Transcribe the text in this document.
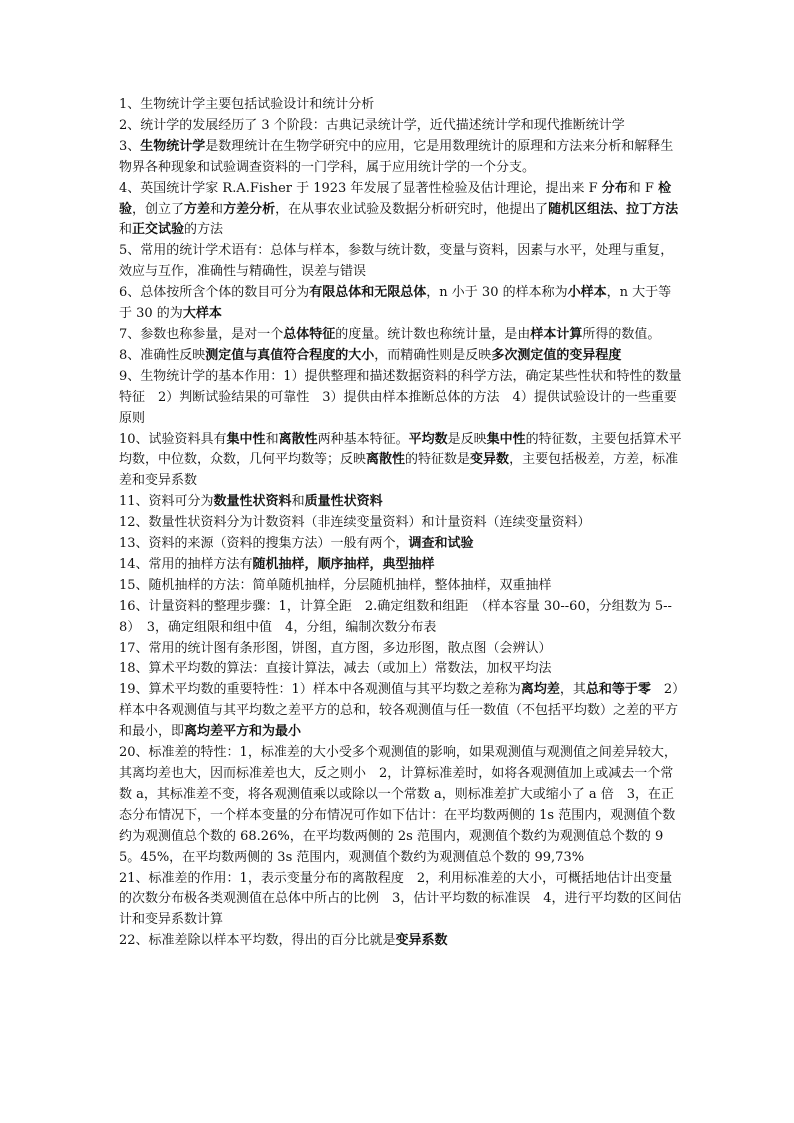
1、生物统计学主要包括试验设计和统计分析

2、统计学的发展经历了 3 个阶段：古典记录统计学，近代描述统计学和现代推断统计学

3、生物统计学是数理统计在生物学研究中的应用，它是用数理统计的原理和方法来分析和解释生物界各种现象和试验调查资料的一门学科，属于应用统计学的一个分支。

4、英国统计学家 R.A.Fisher 于 1923 年发展了显著性检验及估计理论，提出来 F 分布和 F 检验，创立了方差和方差分析，在从事农业试验及数据分析研究时，他提出了随机区组法、拉丁方法和正交试验的方法

5、常用的统计学术语有：总体与样本，参数与统计数，变量与资料，因素与水平，处理与重复，效应与互作，准确性与精确性，误差与错误

6、总体按所含个体的数目可分为有限总体和无限总体，n 小于 30 的样本称为小样本，n 大于等于 30 的为大样本

7、参数也称参量，是对一个总体特征的度量。统计数也称统计量，是由样本计算所得的数值。

8、准确性反映测定值与真值符合程度的大小，而精确性则是反映多次测定值的变异程度

9、生物统计学的基本作用：1）提供整理和描述数据资料的科学方法，确定某些性状和特性的数量特征　2）判断试验结果的可靠性　3）提供由样本推断总体的方法　4）提供试验设计的一些重要原则

10、试验资料具有集中性和离散性两种基本特征。平均数是反映集中性的特征数，主要包括算术平均数，中位数，众数，几何平均数等；反映离散性的特征数是变异数，主要包括极差，方差，标准差和变异系数

11、资料可分为数量性状资料和质量性状资料

12、数量性状资料分为计数资料（非连续变量资料）和计量资料（连续变量资料）

13、资料的来源（资料的搜集方法）一般有两个，调查和试验

14、常用的抽样方法有随机抽样，顺序抽样，典型抽样

15、随机抽样的方法：简单随机抽样，分层随机抽样，整体抽样，双重抽样

16、计量资料的整理步骤：1，计算全距　2.确定组数和组距　（样本容量 30--60，分组数为 5--8）　3，确定组限和组中值　4，分组，编制次数分布表

17、常用的统计图有条形图，饼图，直方图，多边形图，散点图（会辨认）

18、算术平均数的算法：直接计算法，减去（或加上）常数法，加权平均法

19、算术平均数的重要特性：1）样本中各观测值与其平均数之差称为离均差，其总和等于零　2）样本中各观测值与其平均数之差平方的总和，较各观测值与任一数值（不包括平均数）之差的平方和最小，即离均差平方和为最小

20、标准差的特性：1，标准差的大小受多个观测值的影响，如果观测值与观测值之间差异较大，其离均差也大，因而标准差也大，反之则小　2，计算标准差时，如将各观测值加上或减去一个常数 a，其标准差不变，将各观测值乘以或除以一个常数 a，则标准差扩大或缩小了 a 倍　3，在正态分布情况下，一个样本变量的分布情况可作如下估计：在平均数两侧的 1s 范围内，观测值个数约为观测值总个数的 68.26%，在平均数两侧的 2s 范围内，观测值个数约为观测值总个数的 95。45%，在平均数两侧的 3s 范围内，观测值个数约为观测值总个数的 99,73%

21、标准差的作用：1，表示变量分布的离散程度　2，利用标准差的大小，可概括地估计出变量的次数分布极各类观测值在总体中所占的比例　3，估计平均数的标准误　4，进行平均数的区间估计和变异系数计算

22、标准差除以样本平均数，得出的百分比就是变异系数
